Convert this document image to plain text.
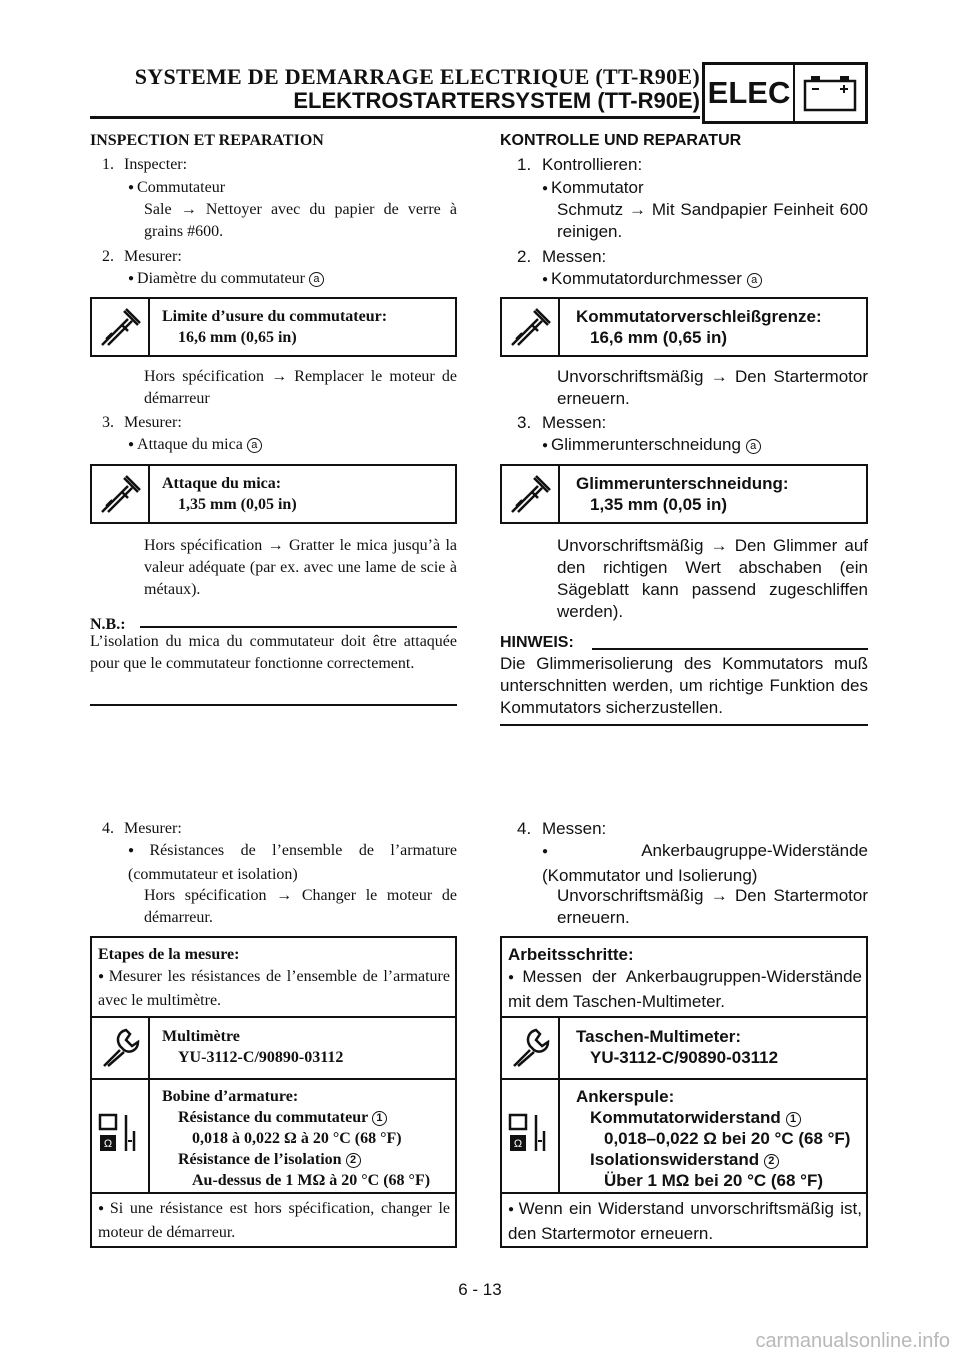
SYSTEME DE DEMARRAGE ELECTRIQUE (TT-R90E)
ELEKTROSTARTERSYSTEM (TT-R90E) ELEC
INSPECTION ET REPARATION
1. Inspecter:
● Commutateur
Sale → Nettoyer avec du papier de verre à grains #600.
2. Mesurer:
● Diamètre du commutateur a
Limite d’usure du commutateur:
16,6 mm (0,65 in)
Hors spécification → Remplacer le moteur de démarreur
3. Mesurer:
● Attaque du mica a
Attaque du mica:
1,35 mm (0,05 in)
Hors spécification → Gratter le mica jusqu’à la valeur adéquate (par ex. avec une lame de scie à métaux).
N.B.:
L’isolation du mica du commutateur doit être attaquée pour que le commutateur fonctionne correctement.
4. Mesurer:
● Résistances de l’ensemble de l’armature (commutateur et isolation)
Hors spécification → Changer le moteur de démarreur.
Etapes de la mesure:
● Mesurer les résistances de l’ensemble de l’armature avec le multimètre.
Multimètre
YU-3112-C/90890-03112
Ω
Bobine d’armature:
Résistance du commutateur 1
0,018 à 0,022 Ω à 20 °C (68 °F)
Résistance de l’isolation 2
Au-dessus de 1 MΩ à 20 °C (68 °F)
● Si une résistance est hors spécification, changer le moteur de démarreur.
KONTROLLE UND REPARATUR
1. Kontrollieren:
● Kommutator
Schmutz → Mit Sandpapier Feinheit 600 reinigen.
2. Messen:
● Kommutatordurchmesser a
Kommutatorverschleißgrenze:
16,6 mm (0,65 in)
Unvorschriftsmäßig → Den Startermotor erneuern.
3. Messen:
● Glimmerunterschneidung a
Glimmerunterschneidung:
1,35 mm (0,05 in)
Unvorschriftsmäßig → Den Glimmer auf den richtigen Wert abschaben (ein Sägeblatt kann passend zugeschliffen werden).
HINWEIS:
Die Glimmerisolierung des Kommutators muß unterschnitten werden, um richtige Funktion des Kommutators sicherzustellen.
4. Messen:
● Ankerbaugruppe-Widerstände (Kommutator und Isolierung)
Unvorschriftsmäßig → Den Startermotor erneuern.
Arbeitsschritte:
● Messen der Ankerbaugruppen-Widerstände mit dem Taschen-Multimeter.
Taschen-Multimeter:
YU-3112-C/90890-03112
Ω
Ankerspule:
Kommutatorwiderstand 1
0,018–0,022 Ω bei 20 °C (68 °F)
Isolationswiderstand 2
Über 1 MΩ bei 20 °C (68 °F)
● Wenn ein Widerstand unvorschriftsmäßig ist, den Startermotor erneuern.
6 - 13
carmanualsonline.info
